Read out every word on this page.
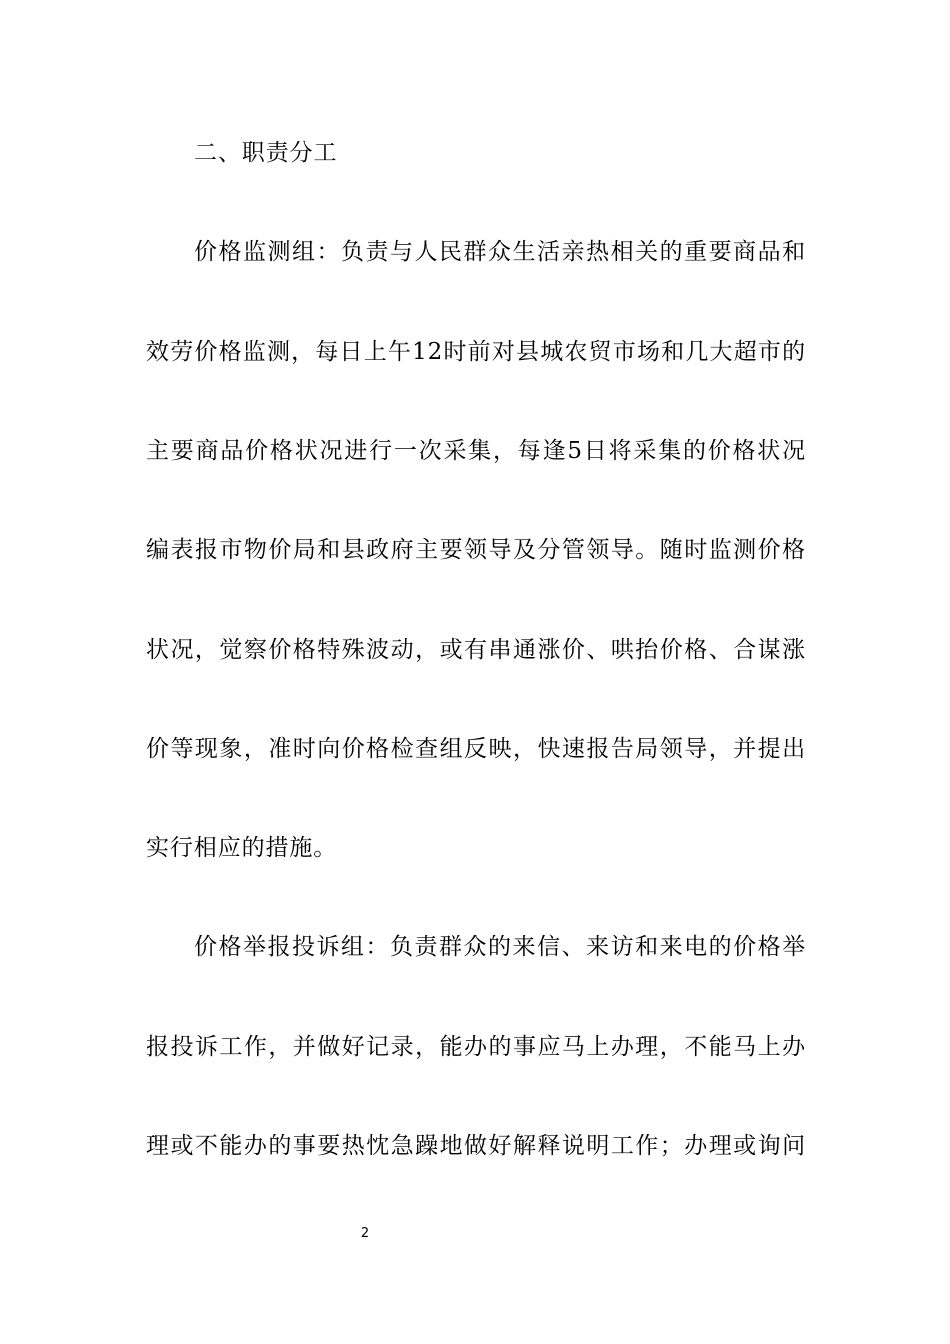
二、职责分工
价格监测组：负责与人民群众生活亲热相关的重要商品和
效劳价格监测，每日上午12时前对县城农贸市场和几大超市的
主要商品价格状况进行一次采集，每逢5日将采集的价格状况
编表报市物价局和县政府主要领导及分管领导。随时监测价格
状况，觉察价格特殊波动，或有串通涨价、哄抬价格、合谋涨
价等现象，准时向价格检查组反映，快速报告局领导，并提出
实行相应的措施。
价格举报投诉组：负责群众的来信、来访和来电的价格举
报投诉工作，并做好记录，能办的事应马上办理，不能马上办
理或不能办的事要热忱急躁地做好解释说明工作；办理或询问
2
